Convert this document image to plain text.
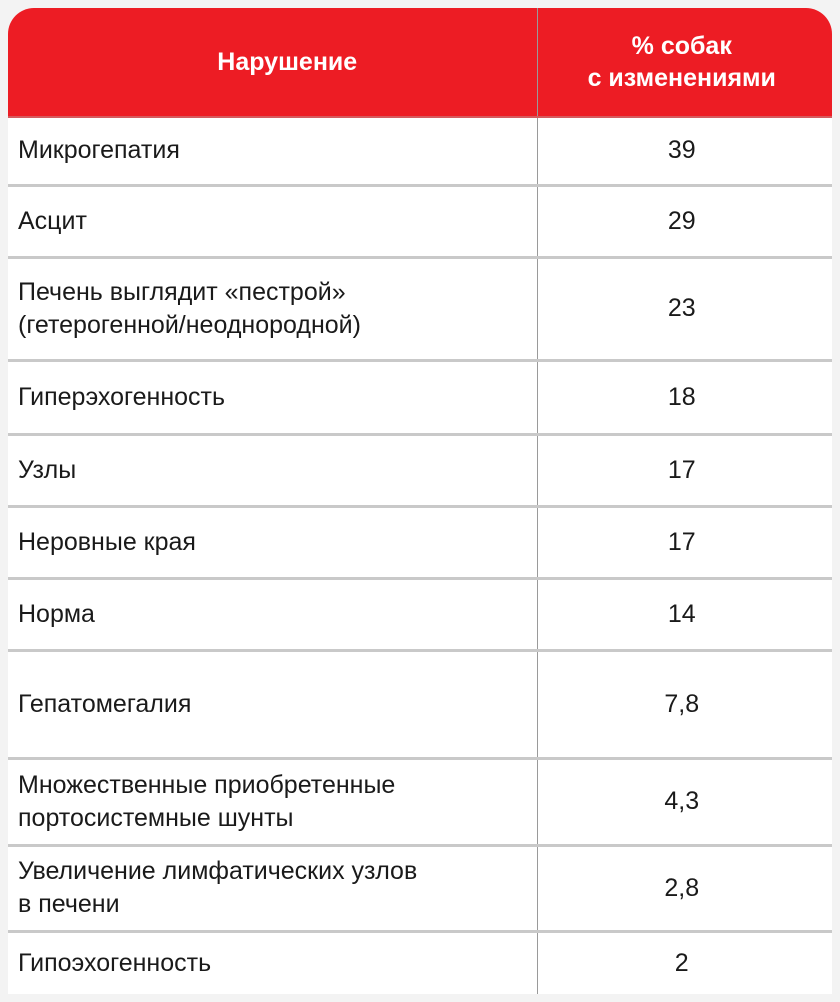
Нарушение	% собак
с изменениями

Микрогепатия	39

Асцит	29

Печень выглядит «пестрой»
(гетерогенной/неоднородной)	23

Гиперэхогенность	18

Узлы	17

Неровные края	17

Норма	14

Гепатомегалия	7,8

Множественные приобретенные
портосистемные шунты	4,3

Увеличение лимфатических узлов
в печени	2,8

Гипоэхогенность	2
